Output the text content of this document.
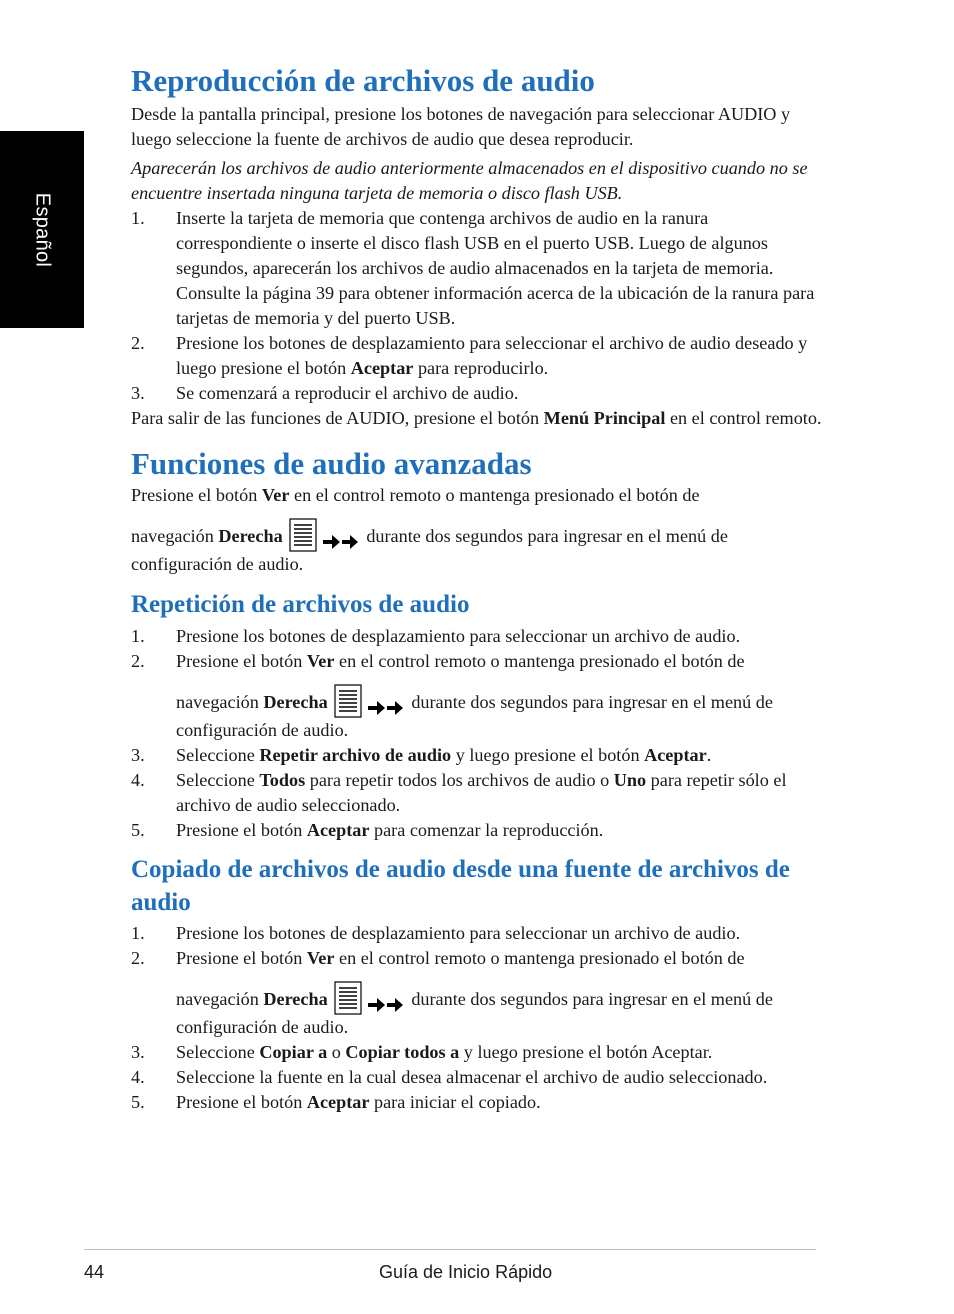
Español
Reproducción de archivos de audio

Desde la pantalla principal, presione los botones de navegación para seleccionar AUDIO y luego seleccione la fuente de archivos de audio que desea reproducir.

Aparecerán los archivos de audio anteriormente almacenados en el dispositivo cuando no se encuentre insertada ninguna tarjeta de memoria o disco flash USB.

1. Inserte la tarjeta de memoria que contenga archivos de audio en la ranura correspondiente o inserte el disco flash USB en el puerto USB. Luego de algunos segundos, aparecerán los archivos de audio almacenados en la tarjeta de memoria. Consulte la página 39 para obtener información acerca de la ubicación de la ranura para tarjetas de memoria y del puerto USB.
2. Presione los botones de desplazamiento para seleccionar el archivo de audio deseado y luego presione el botón Aceptar para reproducirlo.
3. Se comenzará a reproducir el archivo de audio.

Para salir de las funciones de AUDIO, presione el botón Menú Principal en el control remoto.

Funciones de audio avanzadas

Presione el botón Ver en el control remoto o mantenga presionado el botón de
navegación Derecha	durante dos segundos para ingresar en el menú de configuración de audio.

Repetición de archivos de audio
1. Presione los botones de desplazamiento para seleccionar un archivo de audio.
2. Presione el botón Ver en el control remoto o mantenga presionado el botón de
navegación Derecha	durante dos segundos para ingresar en el menú de configuración de audio.
3. Seleccione Repetir archivo de audio y luego presione el botón Aceptar.
4. Seleccione Todos para repetir todos los archivos de audio o Uno para repetir sólo el archivo de audio seleccionado.
5. Presione el botón Aceptar para comenzar la reproducción.
Copiado de archivos de audio desde una fuente de archivos de audio
1. Presione los botones de desplazamiento para seleccionar un archivo de audio.
2. Presione el botón Ver en el control remoto o mantenga presionado el botón de
navegación Derecha	durante dos segundos para ingresar en el menú de configuración de audio.
3. Seleccione Copiar a o Copiar todos a y luego presione el botón Aceptar.
4. Seleccione la fuente en la cual desea almacenar el archivo de audio seleccionado.
5. Presione el botón Aceptar para iniciar el copiado.
44	Guía de Inicio Rápido
